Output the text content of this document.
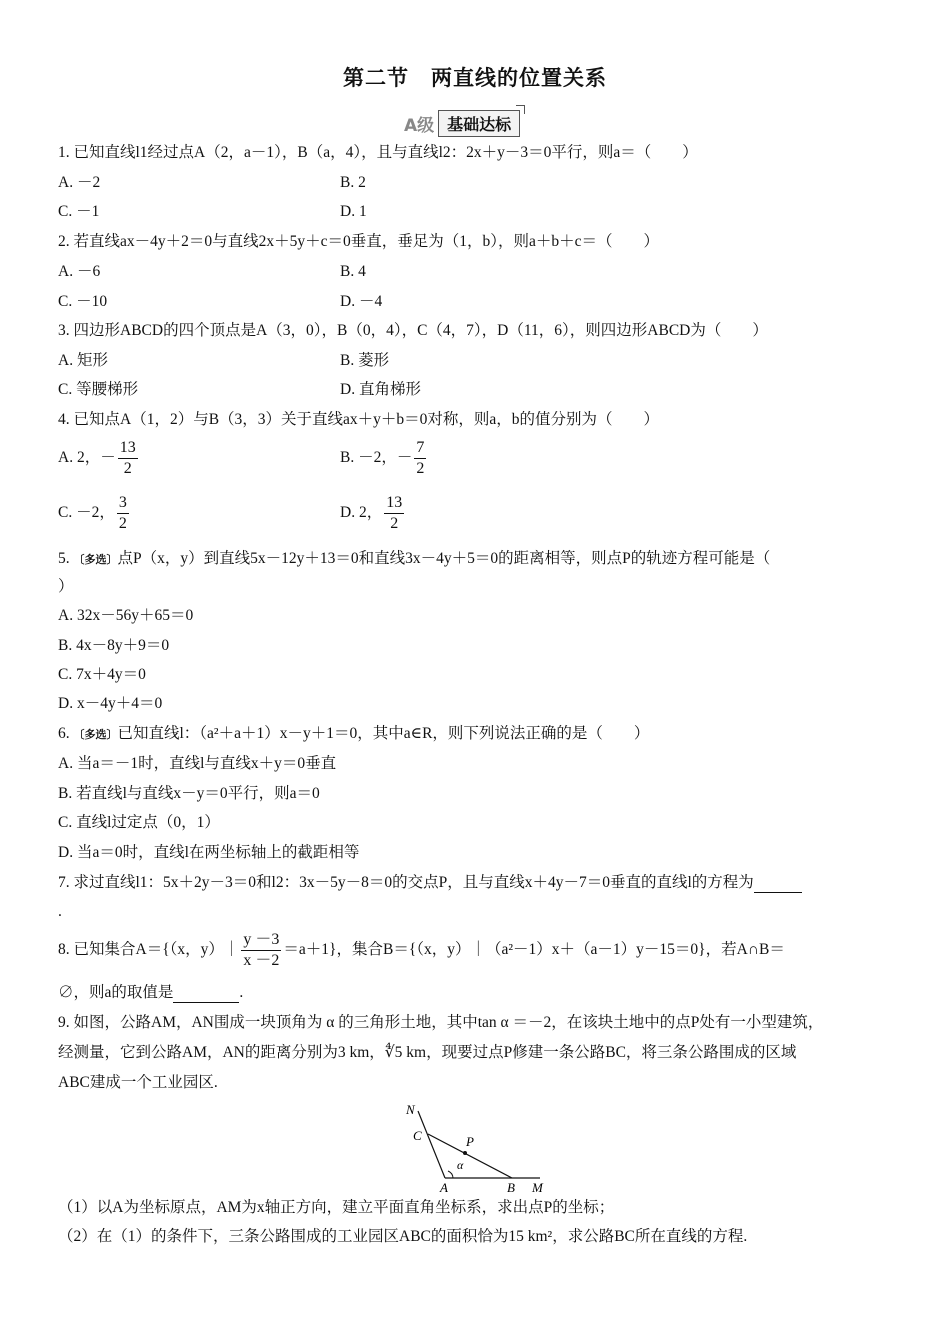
第二节　两直线的位置关系
A级 基础达标
1. 已知直线l1经过点A（2，a－1），B（a，4），且与直线l2：2x＋y－3＝0平行，则a＝（　　）
A. －2	B. 2
C. －1	D. 1
2. 若直线ax－4y＋2＝0与直线2x＋5y＋c＝0垂直，垂足为（1，b），则a＋b＋c＝（　　）
A. －6	B. 4
C. －10	D. －4
3. 四边形ABCD的四个顶点是A（3，0），B（0，4），C（4，7），D（11，6），则四边形ABCD为（　　）
A. 矩形	B. 菱形
C. 等腰梯形	D. 直角梯形
4. 已知点A（1，2）与B（3，3）关于直线ax＋y＋b＝0对称，则a，b的值分别为（　　）
A. 2，－ $\frac{13}{2}$	B. －2，－ $\frac{7}{2}$
C. －2， $\frac{3}{2}$	D. 2， $\frac{13}{2}$
5. 〔多选〕点P（x，y）到直线5x－12y＋13＝0和直线3x－4y＋5＝0的距离相等，则点P的轨迹方程可能是（
）
A. 32x－56y＋65＝0
B. 4x－8y＋9＝0
C. 7x＋4y＝0
D. x－4y＋4＝0
6. 〔多选〕已知直线l：（a²＋a＋1）x－y＋1＝0，其中a∈R，则下列说法正确的是（　　）
A. 当a＝－1时，直线l与直线x＋y＝0垂直
B. 若直线l与直线x－y＝0平行，则a＝0
C. 直线l过定点（0，1）
D. 当a＝0时，直线l在两坐标轴上的截距相等
7. 求过直线l1：5x＋2y－3＝0和l2：3x－5y－8＝0的交点P，且与直线x＋4y－7＝0垂直的直线l的方程为
.
8. 已知集合A＝{（x，y）｜ $\frac{y -3}{x -2} =a+1$}，集合B＝{（x，y）｜（a²－1）x＋（a－1）y－15＝0}，若A∩B＝
∅，则a的取值是	.
9. 如图，公路AM，AN围成一块顶角为 α 的三角形土地，其中tan α ＝－2，在该块土地中的点P处有一小型建筑，
经测量，它到公路AM，AN的距离分别为3 km，∜5 km，现要过点P修建一条公路BC，将三条公路围成的区域
ABC建成一个工业园区.
N
C	P
α
A	B M
（1）以A为坐标原点，AM为x轴正方向，建立平面直角坐标系，求出点P的坐标；
（2）在（1）的条件下，三条公路围成的工业园区ABC的面积恰为15 km²，求公路BC所在直线的方程.
